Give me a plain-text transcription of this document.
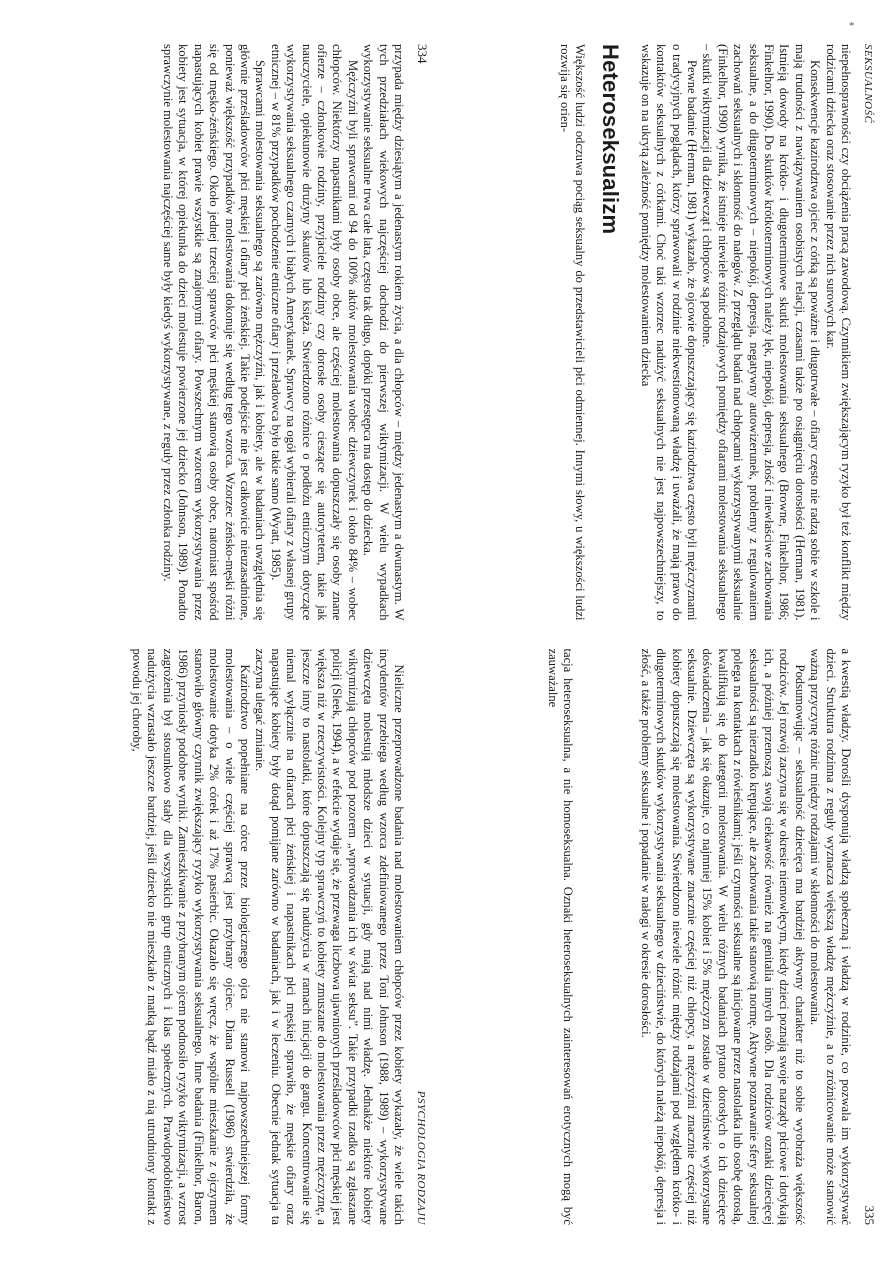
*
334
PSYCHOLOGIA RODZAJU

przypada między dziesiątym a jedenastym rokiem życia, a dla chłopców – między jedenastym a dwunastym. W tych przedziałach wiekowych najczęściej dochodzi do pierwszej wiktymizacji. W wielu wypadkach wykorzystywanie seksualne trwa całe lata, często tak długo, dopóki przestępca ma dostęp do dziecka.

Mężczyźni byli sprawcami od 94 do 100% aktów molestowania wobec dziewczynek i około 84% – wobec chłopców. Niektórzy napastnikami były osoby obce, ale częściej molestowania dopuszczały się osoby znane ofierze – członkowie rodziny, przyjaciele rodziny czy dorosłe osoby cieszące się autorytetem, takie jak nauczyciele, opiekunowie drużyny skautów lub księża. Stwierdzono różnice o podłożu etnicznym dotyczące wykorzystywania seksualnego czarnych i białych Amerykanek. Sprawcy na ogół wybierali ofiary z własnej grupy etnicznej – w 81% przypadków pochodzenie etniczne ofiary i przeładowca było takie samo (Wyatt, 1985).

Sprawcami molestowania seksualnego są zarówno mężczyźni, jak i kobiety, ale w badaniach uwzględnia się głównie prześladowców płci męskiej i ofiary płci żeńskiej. Takie podejście nie jest całkowicie nieuzasadnione, ponieważ większość przypadków molestowania dokonuje się według tego wzorca. Wzorzec żeńsko-męski różni się od męsko-żeńskiego. Około jednej trzeciej sprawców płci męskiej stanowią osoby obce, natomiast spośród napastujących kobiet prawie wszystkie są znajomymi ofiary. Powszechnym wzorcem wykorzystywania przez kobiety jest sytuacja, w której opiekunka do dzieci molestuje powierzone jej dziecko (Johnson, 1989). Ponadto sprawczynie molestowania najczęściej same były kiedyś wykorzystywane, z reguły przez członka rodziny.

Nieliczne przeprowadzone badania nad molestowaniem chłopców przez kobiety wykazały, że wiele takich incydentów przebiega według wzorca zdefiniowanego przez Toni Johnson (1988, 1989) – wykorzystywane dziewczęta molestują młodsze dzieci w sytuacji, gdy mają nad nimi władzę. Jednakże niektóre kobiety wiktymizują chłopców pod pozorem „wprowadzania ich w świat seksu”. Takie przypadki rzadko są zgłaszane policji (Sleek, 1994), a w efekcie wydaje się, że przewaga liczbowa ujawnionych prześladowców płci męskiej jest większa niż w rzeczywistości. Kolejny typ sprawczyń to kobiety zmuszane do molestowania przez mężczyznę, a jeszcze inny to nastolatki, które dopuszczają się nadużycia w ramach inicjacji do gangu. Koncentrowanie się niemal wyłącznie na ofiarach płci żeńskiej i napastnikach płci męskiej sprawiło, że męskie ofiary oraz napastujące kobiety były dotąd pomijane zarówno w badaniach, jak i w leczeniu. Obecnie jednak sytuacja ta zaczyna ulegać zmianie.

Kazirodztwo popełniane na córce przez biologicznego ojca nie stanowi najpowszechniejszej formy molestowania – o wiele częściej sprawcą jest przybrany ojciec. Diana Russell (1986) stwierdziła, że molestowanie dotyka 2% córek i aż 17% pasierbic. Okazało się wręcz, że wspólne mieszkanie z ojczymem stanowiło główny czynnik zwiększający ryzyko wykorzystywania seksualnego. Inne badania (Finkelhor, Baron, 1986) przyniosły podobne wyniki. Zamieszkiwanie z przybranym ojcem podnosiło ryzyko wiktymizacji, a wzrost zagrożenia był stosunkowo stały dla wszystkich grup etnicznych i klas społecznych. Prawdopodobieństwo nadużycia wzrastało jeszcze bardziej, jeśli dziecko nie mieszkało z matką bądź miało z nią utrudniony kontakt z powodu jej choroby,

SEKSUALNOŚĆ
335

niepełnosprawności czy obciążenia pracą zawodową. Czynnikiem zwiększającym ryzyko był też konflikt między rodzicami dziecka oraz stosowanie przez nich surowych kar.

Konsekwencje kazirodztwa ojciec z córką są poważne i długotrwałe – ofiary często nie radzą sobie w szkole i mają trudności z nawiązywaniem osobistych relacji, czasami także po osiągnięciu dorosłości (Herman, 1981). Istnieją dowody na krótko- i długoterminowe skutki molestowania seksualnego (Browne, Finkelhor, 1986; Finkelhor, 1990). Do skutków krótkoterminowych należy lęk, niepokój, depresja, złość i niewłaściwe zachowania seksualne, a do długoterminowych – niepokój, depresja, negatywny autowizerunek, problemy z regulowaniem zachowań seksualnych i skłonność do nałogów. Z przeglądu badań nad chłopcami wykorzystywanymi seksualnie (Finkelhor, 1990) wynika, że istnieje niewiele różnic rodzajowych pomiędzy ofiarami molestowania seksualnego – skutki wiktymizacji dla dziewcząt i chłopców są podobne.

Pewne badanie (Herman, 1981) wykazało, że ojcowie dopuszczający się kazirodztwa często byli mężczyznami o tradycyjnych poglądach, którzy sprawowali w rodzinie niekwestionowaną władzę i uważali, że mają prawo do kontaktów seksualnych z córkami. Choć taki wzorzec nadużyć seksualnych nie jest najpowszechniejszy, to wskazuje on na ukrytą zależność pomiędzy molestowaniem dziecka

Heteroseksualizm

Większość ludzi odczuwa pociąg seksualny do przedstawicieli płci odmiennej. Innymi słowy, u większości ludzi rozwija się orien-

a kwestią władzy. Dorośli dysponują władzą społeczną i władzą w rodzinie, co pozwala im wykorzystywać dzieci. Struktura rodzinna z reguły wyznacza większą władzę mężczyźnie, a to zróżnicowanie może stanowić ważną przyczynę różnic między rodzajami w skłonności do molestowania.

Podsumowując – seksualność dziecięca ma bardziej aktywny charakter niż to sobie wyobraża większość rodziców. Jej rozwój zaczyna się w okresie niemowlęcym, kiedy dzieci poznają swoje narządy płciowe i dotykają ich, a później przenoszą swoją ciekawość również na genitalia innych osób. Dla rodziców oznaki dziecięcej seksualności są nierzadko krępujące, ale zachowania takie stanowią normę. Aktywne poznawanie sfery seksualnej polega na kontaktach z rówieśnikami; jeśli czynności seksualne są inicjowane przez nastolatka lub osobę dorosłą, kwalifikują się do kategorii molestowania. W wielu różnych badaniach pytano dorosłych o ich dziecięce doświadczenia – jak się okazuje, co najmniej 15% kobiet i 5% mężczyzn zostało w dzieciństwie wykorzystane seksualnie. Dziewczęta są wykorzystywane znacznie częściej niż chłopcy, a mężczyźni znacznie częściej niż kobiety dopuszczają się molestowania. Stwierdzono niewiele różnic między rodzajami pod względem krótko- i długoterminowych skutków wykorzystywania seksualnego w dzieciństwie, do których należą niepokój, depresja i złość, a także problemy seksualne i popadanie w nałogi w okresie dorosłości.

tacja heteroseksualna, a nie homoseksualna. Oznaki heteroseksualnych zainteresowań erotycznych mogą być zauważalne
